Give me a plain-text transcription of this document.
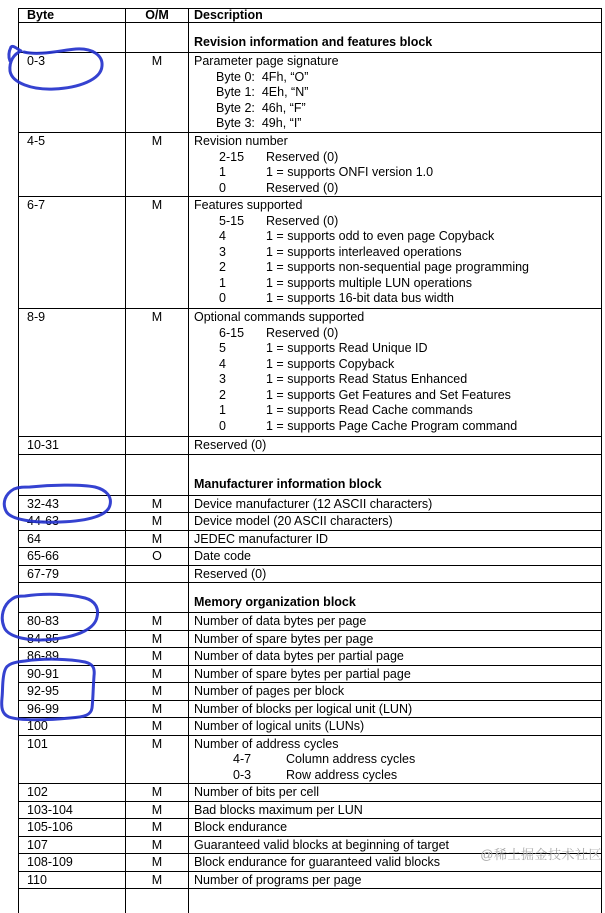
Byte	O/M	Description
		Revision information and features block
0-3	M	Parameter page signature
Byte 0:  4Fh, “O”
Byte 1:  4Eh, “N”
Byte 2:  46h, “F”
Byte 3:  49h, “I”

4-5	M	Revision number
2-15 Reserved (0)
1 1 = supports ONFI version 1.0
0 Reserved (0)

6-7	M	Features supported
5-15 Reserved (0)
4	1 = supports odd to even page Copyback
3	1 = supports interleaved operations
2	1 = supports non-sequential page programming
1	1 = supports multiple LUN operations
0	1 = supports 16-bit data bus width

8-9	M	Optional commands supported
6-15 Reserved (0)
5	1 = supports Read Unique ID
4	1 = supports Copyback
3	1 = supports Read Status Enhanced
2	1 = supports Get Features and Set Features
1	1 = supports Read Cache commands
0	1 = supports Page Cache Program command

10-31		Reserved (0)

		Manufacturer information block
32-43	M	Device manufacturer (12 ASCII characters)

44-63	M	Device model (20 ASCII characters)

64	M	JEDEC manufacturer ID

65-66	O	Date code

67-79		Reserved (0)

		Memory organization block
80-83	M	Number of data bytes per page

84-85	M	Number of spare bytes per page

86-89	M	Number of data bytes per partial page

90-91	M	Number of spare bytes per partial page

92-95	M	Number of pages per block

96-99	M	Number of blocks per logical unit (LUN)

100	M	Number of logical units (LUNs)

101	M	Number of address cycles
4-7 Column address cycles
0-3 Row address cycles

102	M	Number of bits per cell

103-104	M	Bad blocks maximum per LUN

105-106	M	Block endurance

107	M	Guaranteed valid blocks at beginning of target

108-109	M	Block endurance for guaranteed valid blocks

110	M	Number of programs per page

@稀土掘金技术社区
